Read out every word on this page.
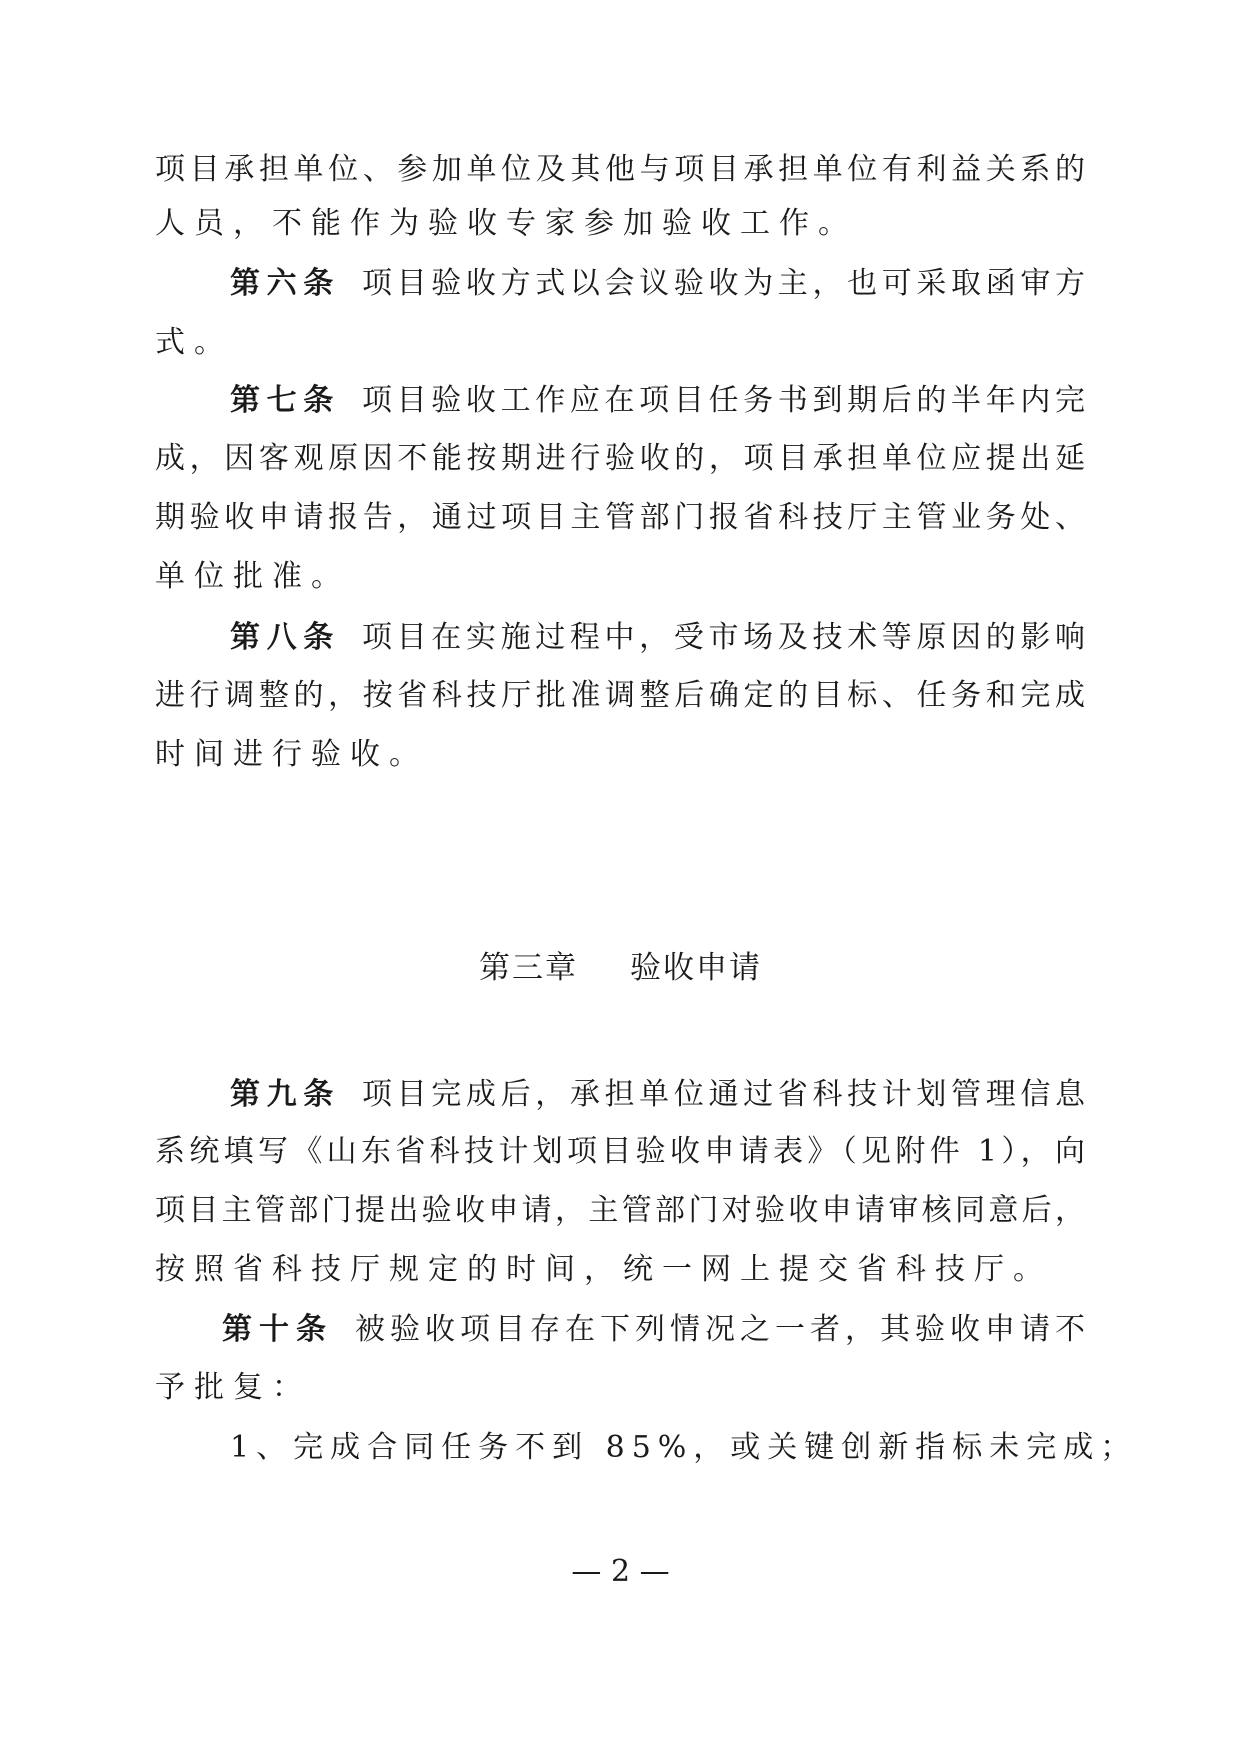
项目承担单位、参加单位及其他与项目承担单位有利益关系的
人员，不能作为验收专家参加验收工作。
第六条 项目验收方式以会议验收为主，也可采取函审方
式。
第七条 项目验收工作应在项目任务书到期后的半年内完
成，因客观原因不能按期进行验收的，项目承担单位应提出延
期验收申请报告，通过项目主管部门报省科技厅主管业务处、
单位批准。
第八条 项目在实施过程中，受市场及技术等原因的影响
进行调整的，按省科技厅批准调整后确定的目标、任务和完成
时间进行验收。
第三章 验收申请
第九条 项目完成后，承担单位通过省科技计划管理信息
系统填写《山东省科技计划项目验收申请表》（见附件 1），向
项目主管部门提出验收申请，主管部门对验收申请审核同意后，
按照省科技厅规定的时间，统一网上提交省科技厅。
第十条 被验收项目存在下列情况之一者，其验收申请不
予批复：
1、完成合同任务不到 85%，或关键创新指标未完成；
— 2 —
